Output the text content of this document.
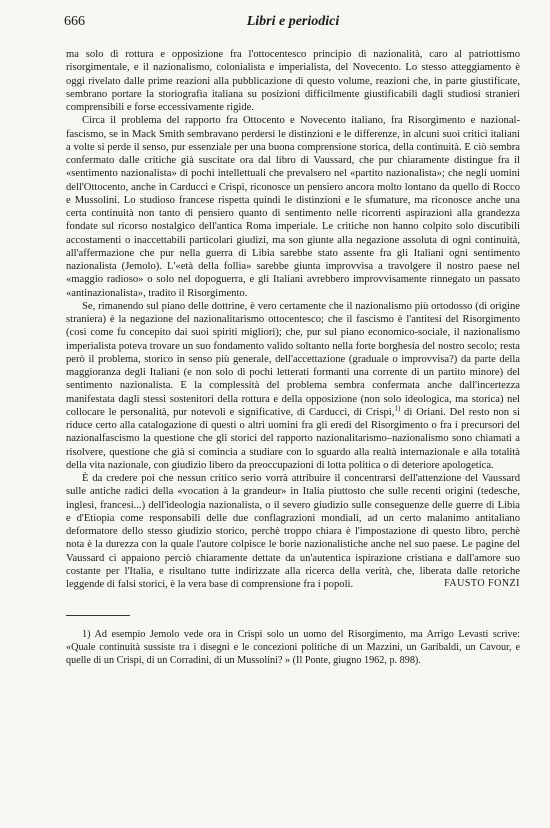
666	Libri e periodici

ma solo di rottura e opposizione fra l'ottocentesco principio di nazionalità, caro al patriottismo risorgimentale, e il nazionalismo, colonialista e imperialista, del Novecento. Lo stesso atteggiamento è oggi rivelato dalle prime reazioni alla pubblicazione di questo volume, reazioni che, in parte giustificate, sembrano portare la storiografia italiana su posizioni difficilmente giustificabili dagli studiosi stranieri comprensibili e forse eccessivamente rigide.

Circa il problema del rapporto fra Ottocento e Novecento italiano, fra Risorgimento e nazional-fascismo, se in Mack Smith sembravano perdersi le distinzioni e le differenze, in alcuni suoi critici italiani a volte si perde il senso, pur essenziale per una buona comprensione storica, della continuità. E ciò sembra confermato dalle critiche già suscitate ora dal libro di Vaussard, che pur chiaramente distingue fra il «sentimento nazionalista» di pochi intellettuali che prevalsero nel «partito nazionalista»; che negli uomini dell'Ottocento, anche in Carducci e Crispi, riconosce un pensiero ancora molto lontano da quello di Rocco e Mussolini. Lo studioso francese rispetta quindi le distinzioni e le sfumature, ma riconosce anche una certa continuità non tanto di pensiero quanto di sentimento nelle ricorrenti aspirazioni alla grandezza fondate sul ricorso nostalgico dell'antica Roma imperiale. Le critiche non hanno colpito solo discutibili accostamenti o inaccettabili particolari giudizi, ma son giunte alla negazione assoluta di ogni continuità, all'affermazione che pur nella guerra di Libia sarebbe stato assente fra gli Italiani ogni sentimento nazionalista (Jemolo). L'«età della follia» sarebbe giunta improvvisa a travolgere il nostro paese nel «maggio radioso» o solo nel dopoguerra, e gli Italiani avrebbero improvvisamente rinnegato un passato «antinazionalista», tradito il Risorgimento.

Se, rimanendo sul piano delle dottrine, è vero certamente che il nazionalismo più ortodosso (di origine straniera) è la negazione del nazionalitarismo ottocentesco; che il fascismo è l'antitesi del Risorgimento (così come fu concepito dai suoi spiriti migliori); che, pur sul piano economico-sociale, il nazionalismo imperialista poteva trovare un suo fondamento valido soltanto nella forte borghesia del nostro secolo; resta però il problema, storico in senso più generale, dell'accettazione (graduale o improvvisa?) da parte della maggioranza degli Italiani (e non solo di pochi letterati formanti una corrente di un partito minore) del sentimento nazionalista. E la complessità del problema sembra confermata anche dall'incertezza manifestata dagli stessi sostenitori della rottura e della opposizione (non solo ideologica, ma storica) nel collocare le personalità, pur notevoli e significative, di Carducci, di Crispi,$^{1)}$ di Oriani. Del resto non si riduce certo alla catalogazione di questi o altri uomini fra gli eredi del Risorgimento o fra i precursori del nazionalfascismo la questione che gli storici del rapporto nazionalitarismo–nazionalismo sono chiamati a risolvere, questione che già si comincia a studiare con lo sguardo alla realtà internazionale e alla totalità della vita nazionale, con giudizio libero da preoccupazioni di lotta politica o di deteriore apologetica.

È da credere poi che nessun critico serio vorrà attribuire il concentrarsi dell'attenzione del Vaussard sulle antiche radici della «vocation à la grandeur» in Italia piuttosto che sulle recenti origini (tedesche, inglesi, francesi...) dell'ideologia nazionalista, o il severo giudizio sulle conseguenze delle guerre di Libia e d'Etiopia come responsabili delle due conflagrazioni mondiali, ad un certo malanimo antitaliano deformatore dello stesso giudizio storico, perchè troppo chiara è l'impostazione di questo libro, perchè nota è la durezza con la quale l'autore colpisce le borie nazionalistiche anche nel suo paese. Le pagine del Vaussard ci appaiono perciò chiaramente dettate da un'autentica ispirazione cristiana e dall'amore suo costante per l'Italia, e risultano tutte indirizzate alla ricerca della verità, che, liberata dalle retoriche leggende di falsi storici, è la vera base di comprensione fra i popoli.	FAUSTO FONZI

1) Ad esempio Jemolo vede ora in Crispi solo un uomo del Risorgimento, ma Arrigo Levasti scrive: «Quale continuità sussiste tra i disegni e le concezioni politiche di un Mazzini, un Garibaldi, un Cavour, e quelle di un Crispi, di un Corradini, di un Mussolini? » (Il Ponte, giugno 1962, p. 898).
